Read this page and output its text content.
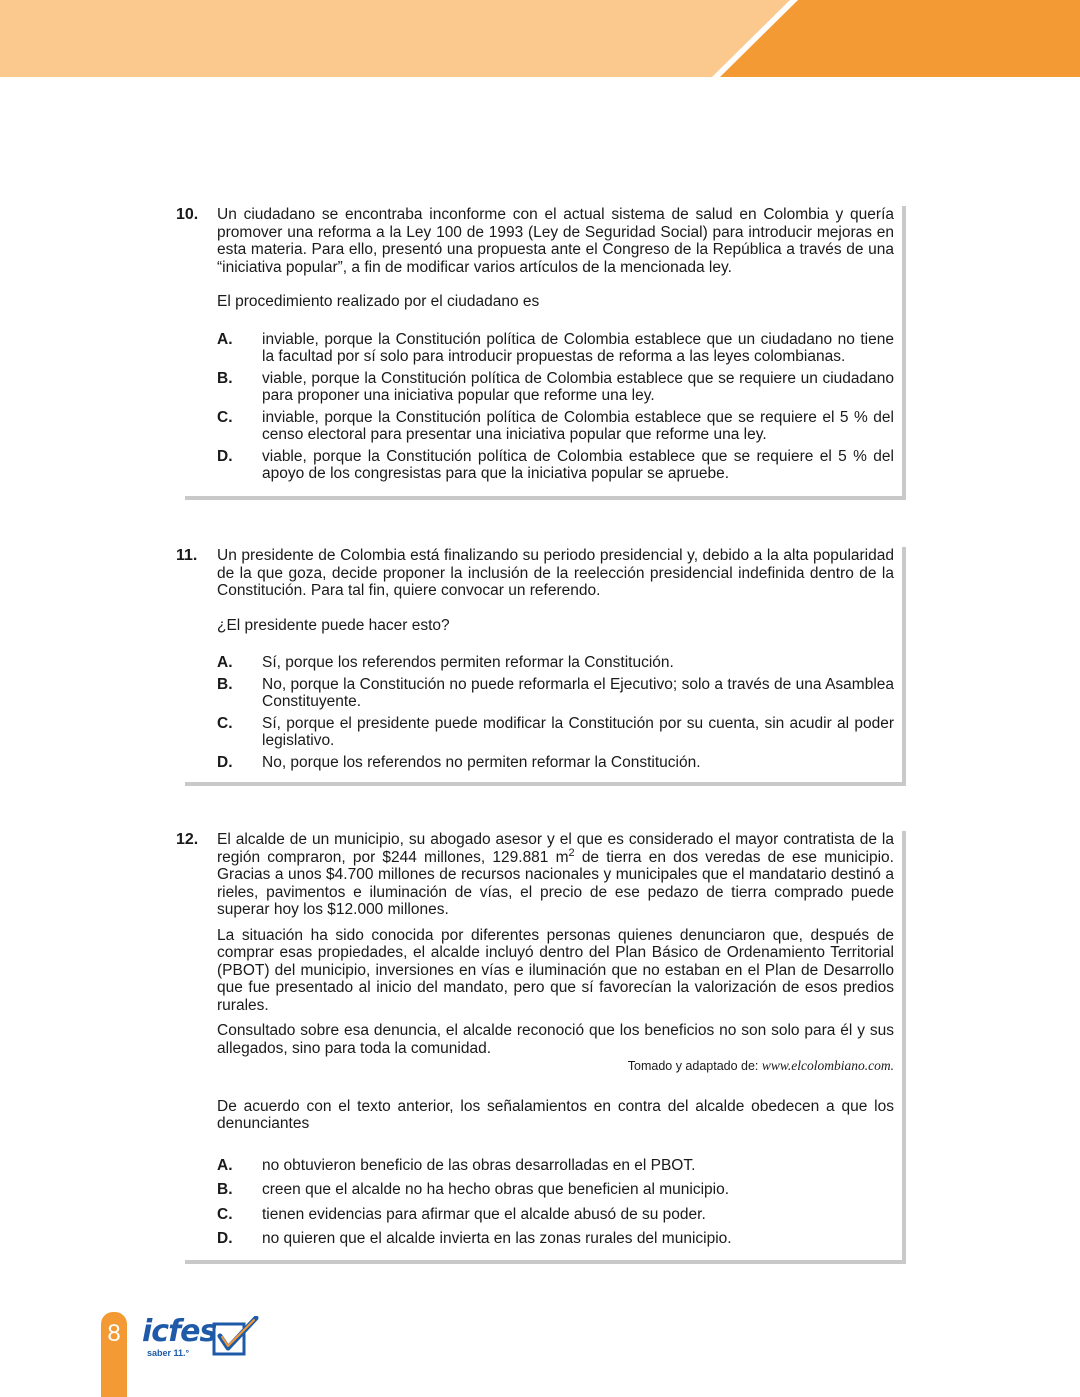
10. Un ciudadano se encontraba inconforme con el actual sistema de salud en Colombia y quería promover una reforma a la Ley 100 de 1993 (Ley de Seguridad Social) para introducir mejoras en esta materia. Para ello, presentó una propuesta ante el Congreso de la República a través de una “iniciativa popular”, a fin de modificar varios artículos de la mencionada ley.

El procedimiento realizado por el ciudadano es

A.	inviable, porque la Constitución política de Colombia establece que un ciudadano no tiene la facultad por sí solo para introducir propuestas de reforma a las leyes colombianas.
B.	viable, porque la Constitución política de Colombia establece que se requiere un ciudadano para proponer una iniciativa popular que reforme una ley.
C.	inviable, porque la Constitución política de Colombia establece que se requiere el 5 % del censo electoral para presentar una iniciativa popular que reforme una ley.
D.	viable, porque la Constitución política de Colombia establece que se requiere el 5 % del apoyo de los congresistas para que la iniciativa popular se apruebe.
11. Un presidente de Colombia está finalizando su periodo presidencial y, debido a la alta popularidad de la que goza, decide proponer la inclusión de la reelección presidencial indefinida dentro de la Constitución. Para tal fin, quiere convocar un referendo.

¿El presidente puede hacer esto?

A.	Sí, porque los referendos permiten reformar la Constitución.
B.	No, porque la Constitución no puede reformarla el Ejecutivo; solo a través de una Asamblea Constituyente.
C.	Sí, porque el presidente puede modificar la Constitución por su cuenta, sin acudir al poder legislativo.
D.	No, porque los referendos no permiten reformar la Constitución.
12. El alcalde de un municipio, su abogado asesor y el que es considerado el mayor contratista de la región compraron, por $244 millones, 129.881 $m^2$ de tierra en dos veredas de ese municipio. Gracias a unos $4.700 millones de recursos nacionales y municipales que el mandatario destinó a rieles, pavimentos e iluminación de vías, el precio de ese pedazo de tierra comprado puede superar hoy los $12.000 millones.

La situación ha sido conocida por diferentes personas quienes denunciaron que, después de comprar esas propiedades, el alcalde incluyó dentro del Plan Básico de Ordenamiento Territorial (PBOT) del municipio, inversiones en vías e iluminación que no estaban en el Plan de Desarrollo que fue presentado al inicio del mandato, pero que sí favorecían la valorización de esos predios rurales.

Consultado sobre esa denuncia, el alcalde reconoció que los beneficios no son solo para él y sus allegados, sino para toda la comunidad.

Tomado y adaptado de: www.elcolombiano.com.

De acuerdo con el texto anterior, los señalamientos en contra del alcalde obedecen a que los denunciantes

A.	no obtuvieron beneficio de las obras desarrolladas en el PBOT.
B.	creen que el alcalde no ha hecho obras que beneficien al municipio.
C.	tienen evidencias para afirmar que el alcalde abusó de su poder.
D.	no quieren que el alcalde invierta en las zonas rurales del municipio.
8 icfes
saber 11.°
